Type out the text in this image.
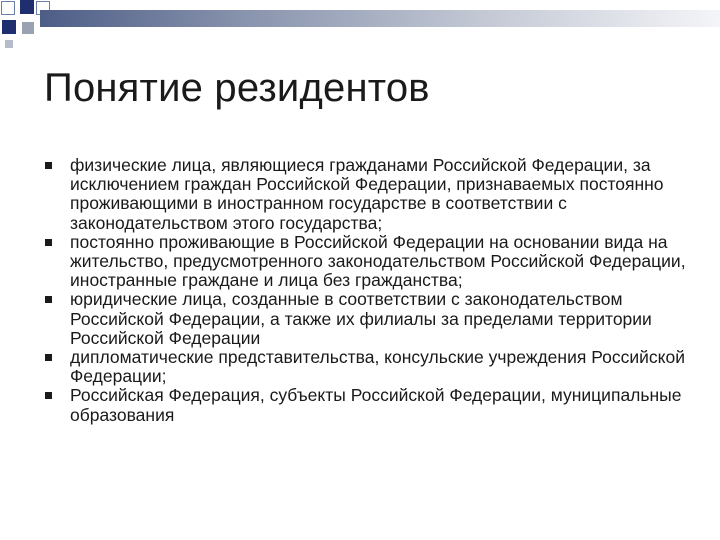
Понятие резидентов
физические лица, являющиеся гражданами Российской Федерации, за исключением граждан Российской Федерации, признаваемых постоянно проживающими в иностранном государстве в соответствии с законодательством этого государства;
постоянно проживающие в Российской Федерации на основании вида на жительство, предусмотренного законодательством Российской Федерации, иностранные граждане и лица без гражданства;
юридические лица, созданные в соответствии с законодательством Российской Федерации, а также их филиалы за пределами территории Российской Федерации
дипломатические представительства, консульские учреждения Российской Федерации;
Российская Федерация, субъекты Российской Федерации, муниципальные образования
